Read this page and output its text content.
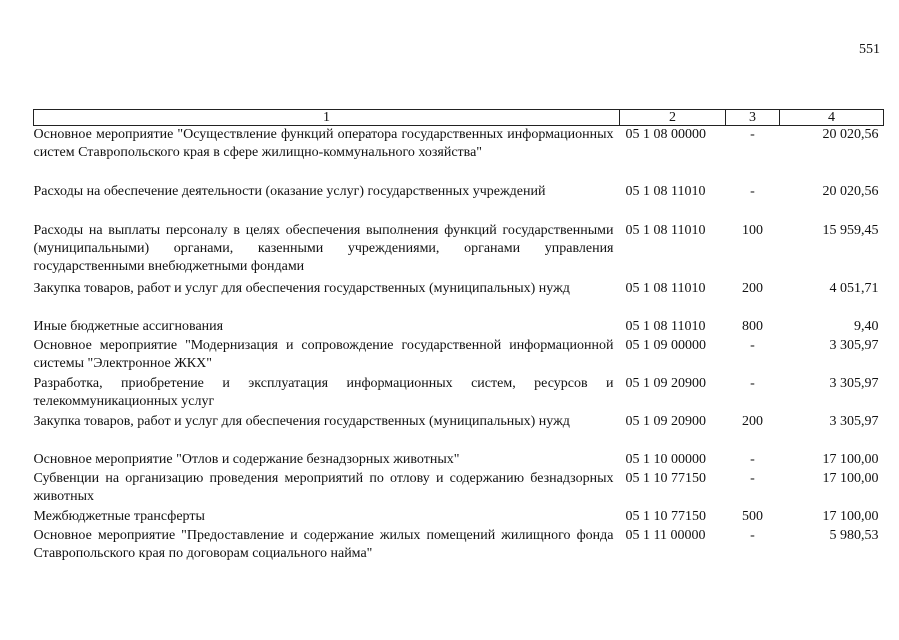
551
1	2	3	4
Основное мероприятие "Осуществление функций оператора государственных информационных систем Ставропольского края в сфере жилищно-коммунального хозяйства"	05 1 08 00000	-	20 020,56
Расходы на обеспечение деятельности (оказание услуг) государственных учреждений	05 1 08 11010	-	20 020,56
Расходы на выплаты персоналу в целях обеспечения выполнения функций государственными (муниципальными) органами, казенными учреждениями, органами управления государственными внебюджетными фондами	05 1 08 11010	100	15 959,45
Закупка товаров, работ и услуг для обеспечения государственных (муниципальных) нужд	05 1 08 11010	200	4 051,71
Иные бюджетные ассигнования	05 1 08 11010	800	9,40
Основное мероприятие "Модернизация и сопровождение государственной информационной системы "Электронное ЖКХ"	05 1 09 00000	-	3 305,97
Разработка, приобретение и эксплуатация информационных систем, ресурсов и телекоммуникационных услуг	05 1 09 20900	-	3 305,97
Закупка товаров, работ и услуг для обеспечения государственных (муниципальных) нужд	05 1 09 20900	200	3 305,97
Основное мероприятие "Отлов и содержание безнадзорных животных"	05 1 10 00000	-	17 100,00
Субвенции на организацию проведения мероприятий по отлову и содержанию безнадзорных животных	05 1 10 77150	-	17 100,00
Межбюджетные трансферты	05 1 10 77150	500	17 100,00
Основное мероприятие "Предоставление и содержание жилых помещений жилищного фонда Ставропольского края по договорам социального найма"	05 1 11 00000	-	5 980,53
